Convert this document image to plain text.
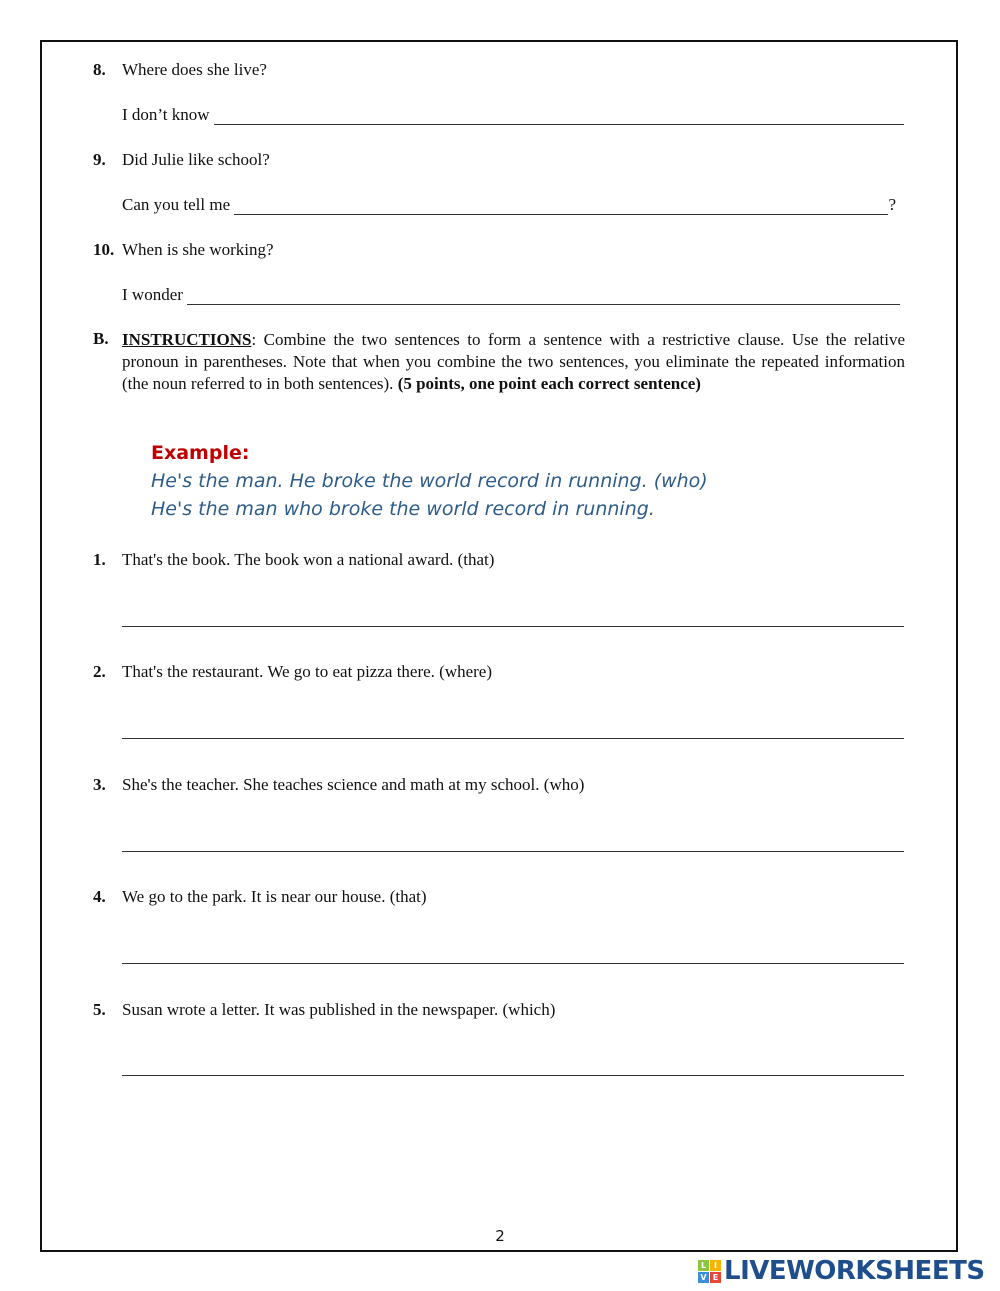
8. Where does she live?
I don’t know
9. Did Julie like school?
Can you tell me	?
10. When is she working?
I wonder
B. INSTRUCTIONS: Combine the two sentences to form a sentence with a restrictive clause. Use the relative pronoun in parentheses. Note that when you combine the two sentences, you eliminate the repeated information (the noun referred to in both sentences). (5 points, one point each correct sentence)
Example:
He's the man. He broke the world record in running. (who)
He's the man who broke the world record in running.
1. That's the book. The book won a national award. (that)
2. That's the restaurant. We go to eat pizza there. (where)
3. She's the teacher. She teaches science and math at my school. (who)
4. We go to the park. It is near our house. (that)
5. Susan wrote a letter. It was published in the newspaper. (which)
2
L I
V E LIVEWORKSHEETS
